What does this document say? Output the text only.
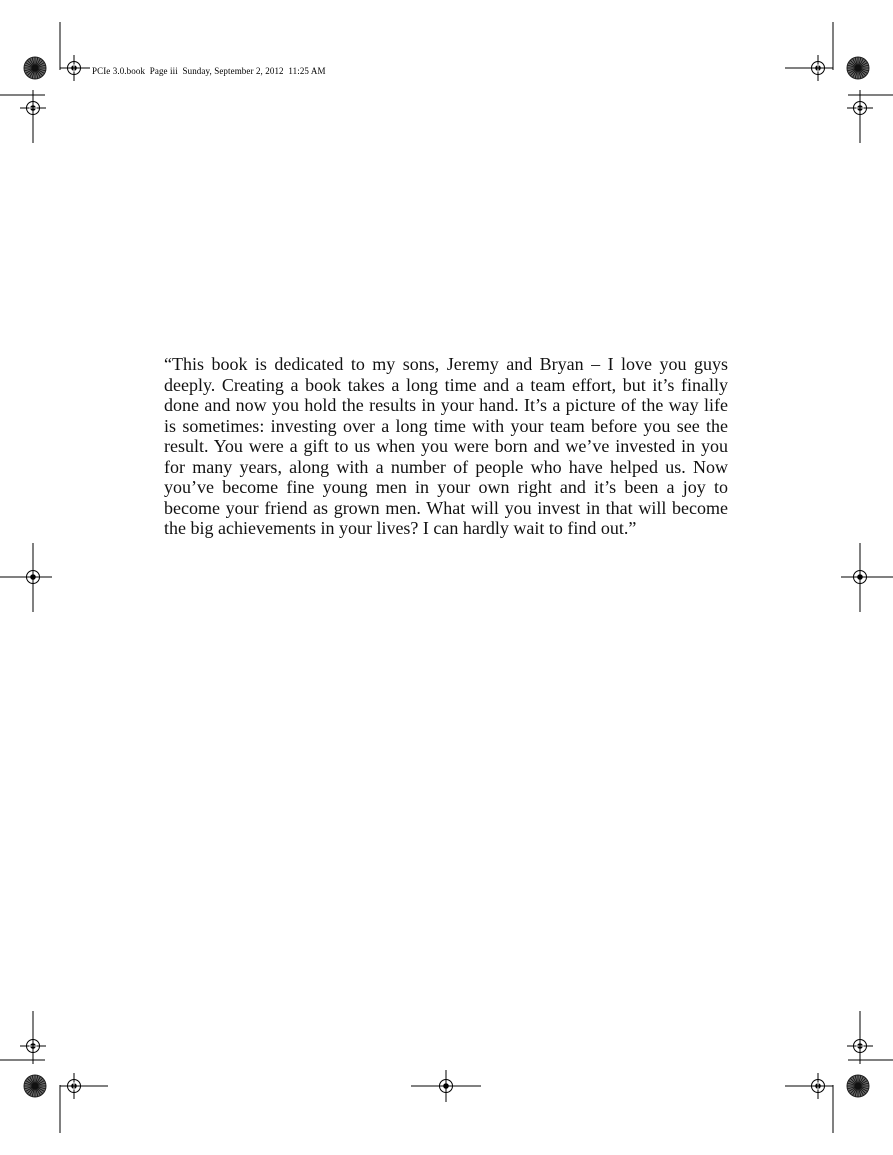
PCIe 3.0.book  Page iii  Sunday, September 2, 2012  11:25 AM

“This book is dedicated to my sons, Jeremy and Bryan – I love you guys deeply. Creating a book takes a long time and a team effort, but it’s finally done and now you hold the results in your hand. It’s a picture of the way life is sometimes: investing over a long time with your team before you see the result. You were a gift to us when you were born and we’ve invested in you for many years, along with a number of people who have helped us. Now you’ve become fine young men in your own right and it’s been a joy to become your friend as grown men. What will you invest in that will become the big achievements in your lives? I can hardly wait to find out.”
